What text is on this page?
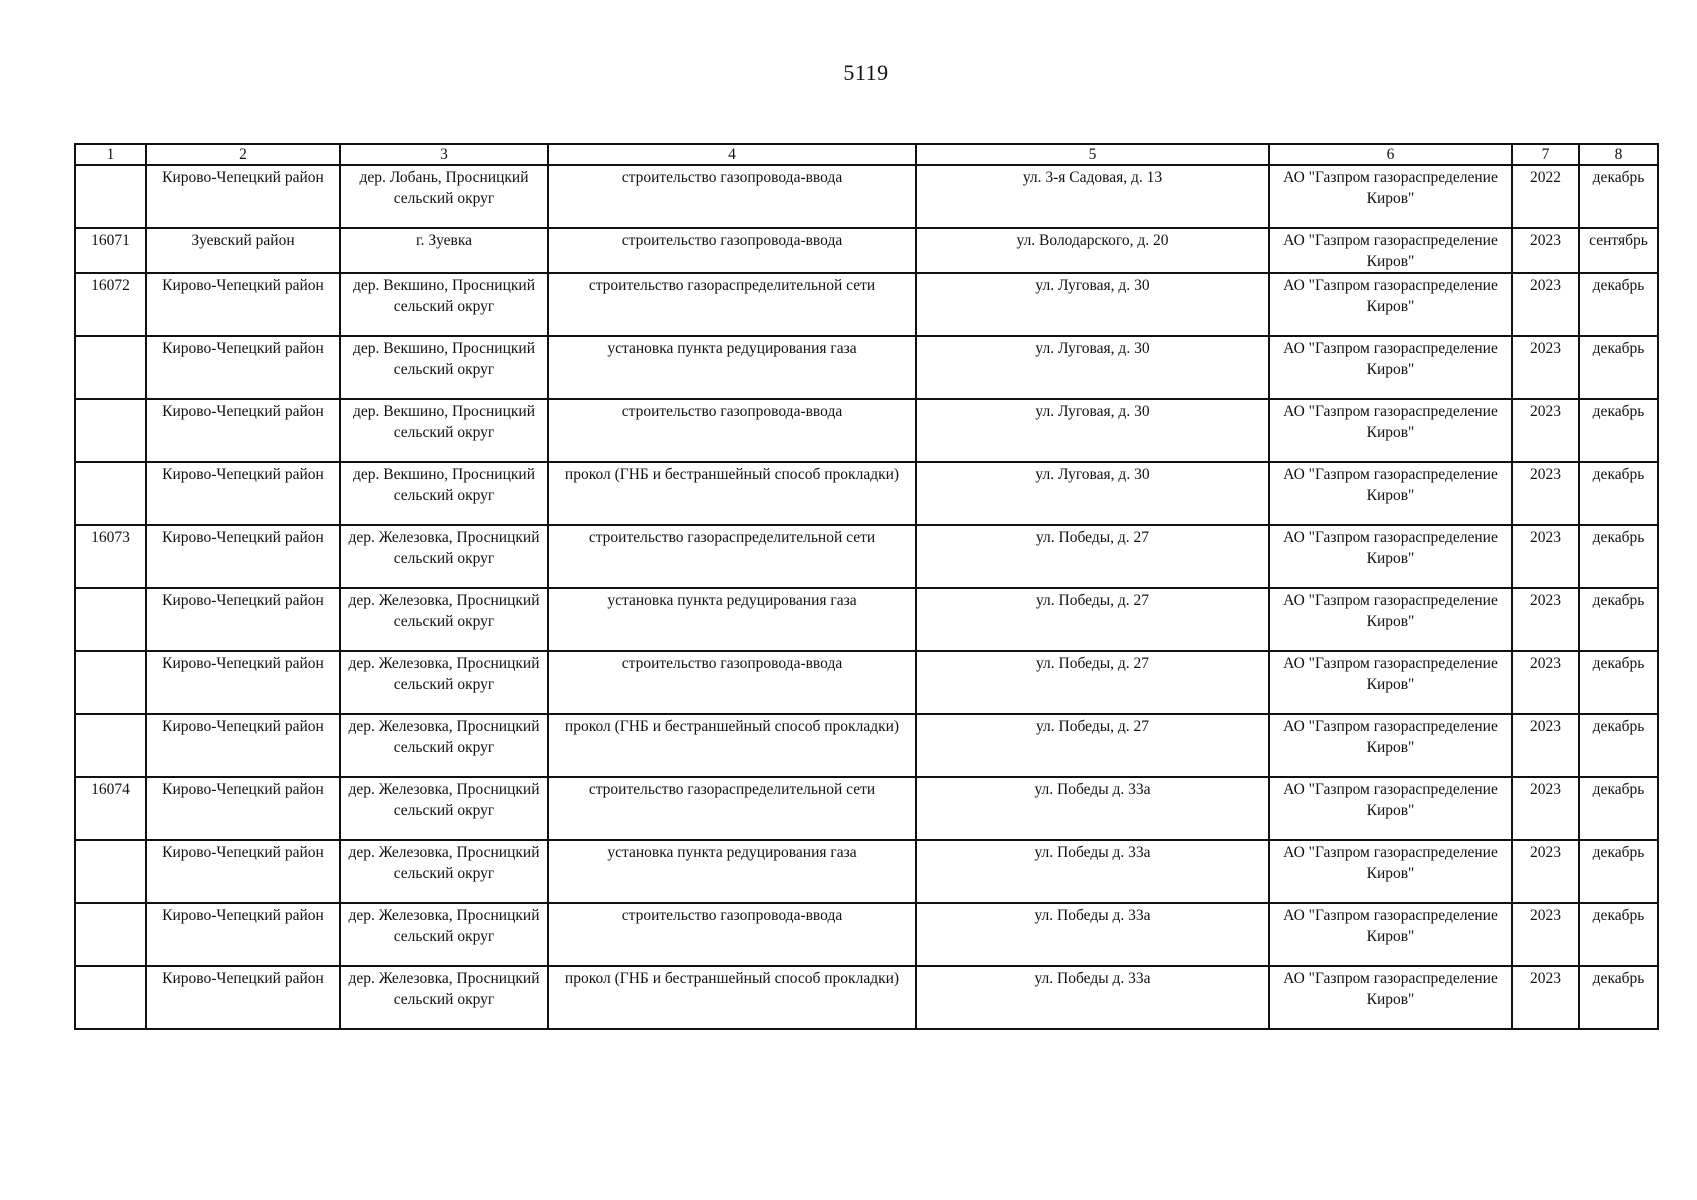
5119
1	2	3	4	5	6	7	8
	Кирово-Чепецкий район	дер. Лобань, Просницкий сельский округ	строительство газопровода-ввода	ул. 3-я Садовая, д. 13	АО "Газпром газораспределение Киров"	2022	декабрь
16071	Зуевский район	г. Зуевка	строительство газопровода-ввода	ул. Володарского, д. 20	АО "Газпром газораспределение Киров"	2023	сентябрь
16072	Кирово-Чепецкий район	дер. Векшино, Просницкий сельский округ	строительство газораспределительной сети	ул. Луговая, д. 30	АО "Газпром газораспределение Киров"	2023	декабрь
	Кирово-Чепецкий район	дер. Векшино, Просницкий сельский округ	установка пункта редуцирования газа	ул. Луговая, д. 30	АО "Газпром газораспределение Киров"	2023	декабрь
	Кирово-Чепецкий район	дер. Векшино, Просницкий сельский округ	строительство газопровода-ввода	ул. Луговая, д. 30	АО "Газпром газораспределение Киров"	2023	декабрь
	Кирово-Чепецкий район	дер. Векшино, Просницкий сельский округ	прокол (ГНБ и бестраншейный способ прокладки)	ул. Луговая, д. 30	АО "Газпром газораспределение Киров"	2023	декабрь
16073	Кирово-Чепецкий район	дер. Железовка, Просницкий сельский округ	строительство газораспределительной сети	ул. Победы, д. 27	АО "Газпром газораспределение Киров"	2023	декабрь
	Кирово-Чепецкий район	дер. Железовка, Просницкий сельский округ	установка пункта редуцирования газа	ул. Победы, д. 27	АО "Газпром газораспределение Киров"	2023	декабрь
	Кирово-Чепецкий район	дер. Железовка, Просницкий сельский округ	строительство газопровода-ввода	ул. Победы, д. 27	АО "Газпром газораспределение Киров"	2023	декабрь
	Кирово-Чепецкий район	дер. Железовка, Просницкий сельский округ	прокол (ГНБ и бестраншейный способ прокладки)	ул. Победы, д. 27	АО "Газпром газораспределение Киров"	2023	декабрь
16074	Кирово-Чепецкий район	дер. Железовка, Просницкий сельский округ	строительство газораспределительной сети	ул. Победы д. 33а	АО "Газпром газораспределение Киров"	2023	декабрь
	Кирово-Чепецкий район	дер. Железовка, Просницкий сельский округ	установка пункта редуцирования газа	ул. Победы д. 33а	АО "Газпром газораспределение Киров"	2023	декабрь
	Кирово-Чепецкий район	дер. Железовка, Просницкий сельский округ	строительство газопровода-ввода	ул. Победы д. 33а	АО "Газпром газораспределение Киров"	2023	декабрь
	Кирово-Чепецкий район	дер. Железовка, Просницкий сельский округ	прокол (ГНБ и бестраншейный способ прокладки)	ул. Победы д. 33а	АО "Газпром газораспределение Киров"	2023	декабрь
